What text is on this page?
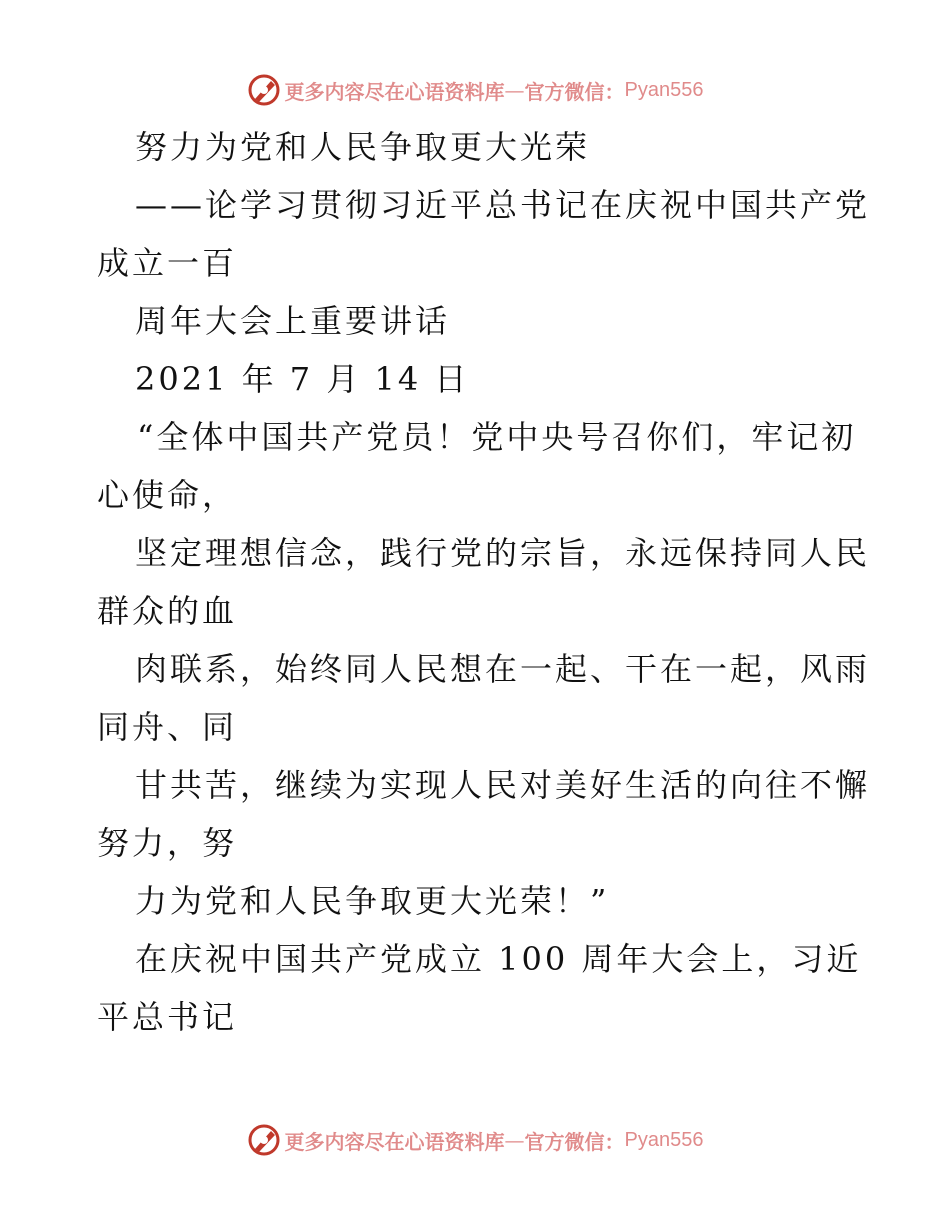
更多内容尽在心语资料库 — 官方微信： Pyan556
努力为党和人民争取更大光荣
——论学习贯彻习近平总书记在庆祝中国共产党
成立一百
周年大会上重要讲话
2021 年 7 月 14 日
“全体中国共产党员！党中央号召你们，牢记初
心使命，
坚定理想信念，践行党的宗旨，永远保持同人民
群众的血
肉联系，始终同人民想在一起、干在一起，风雨
同舟、同
甘共苦，继续为实现人民对美好生活的向往不懈
努力，努
力为党和人民争取更大光荣！”
在庆祝中国共产党成立 100 周年大会上，习近
平总书记
更多内容尽在心语资料库 — 官方微信： Pyan556
